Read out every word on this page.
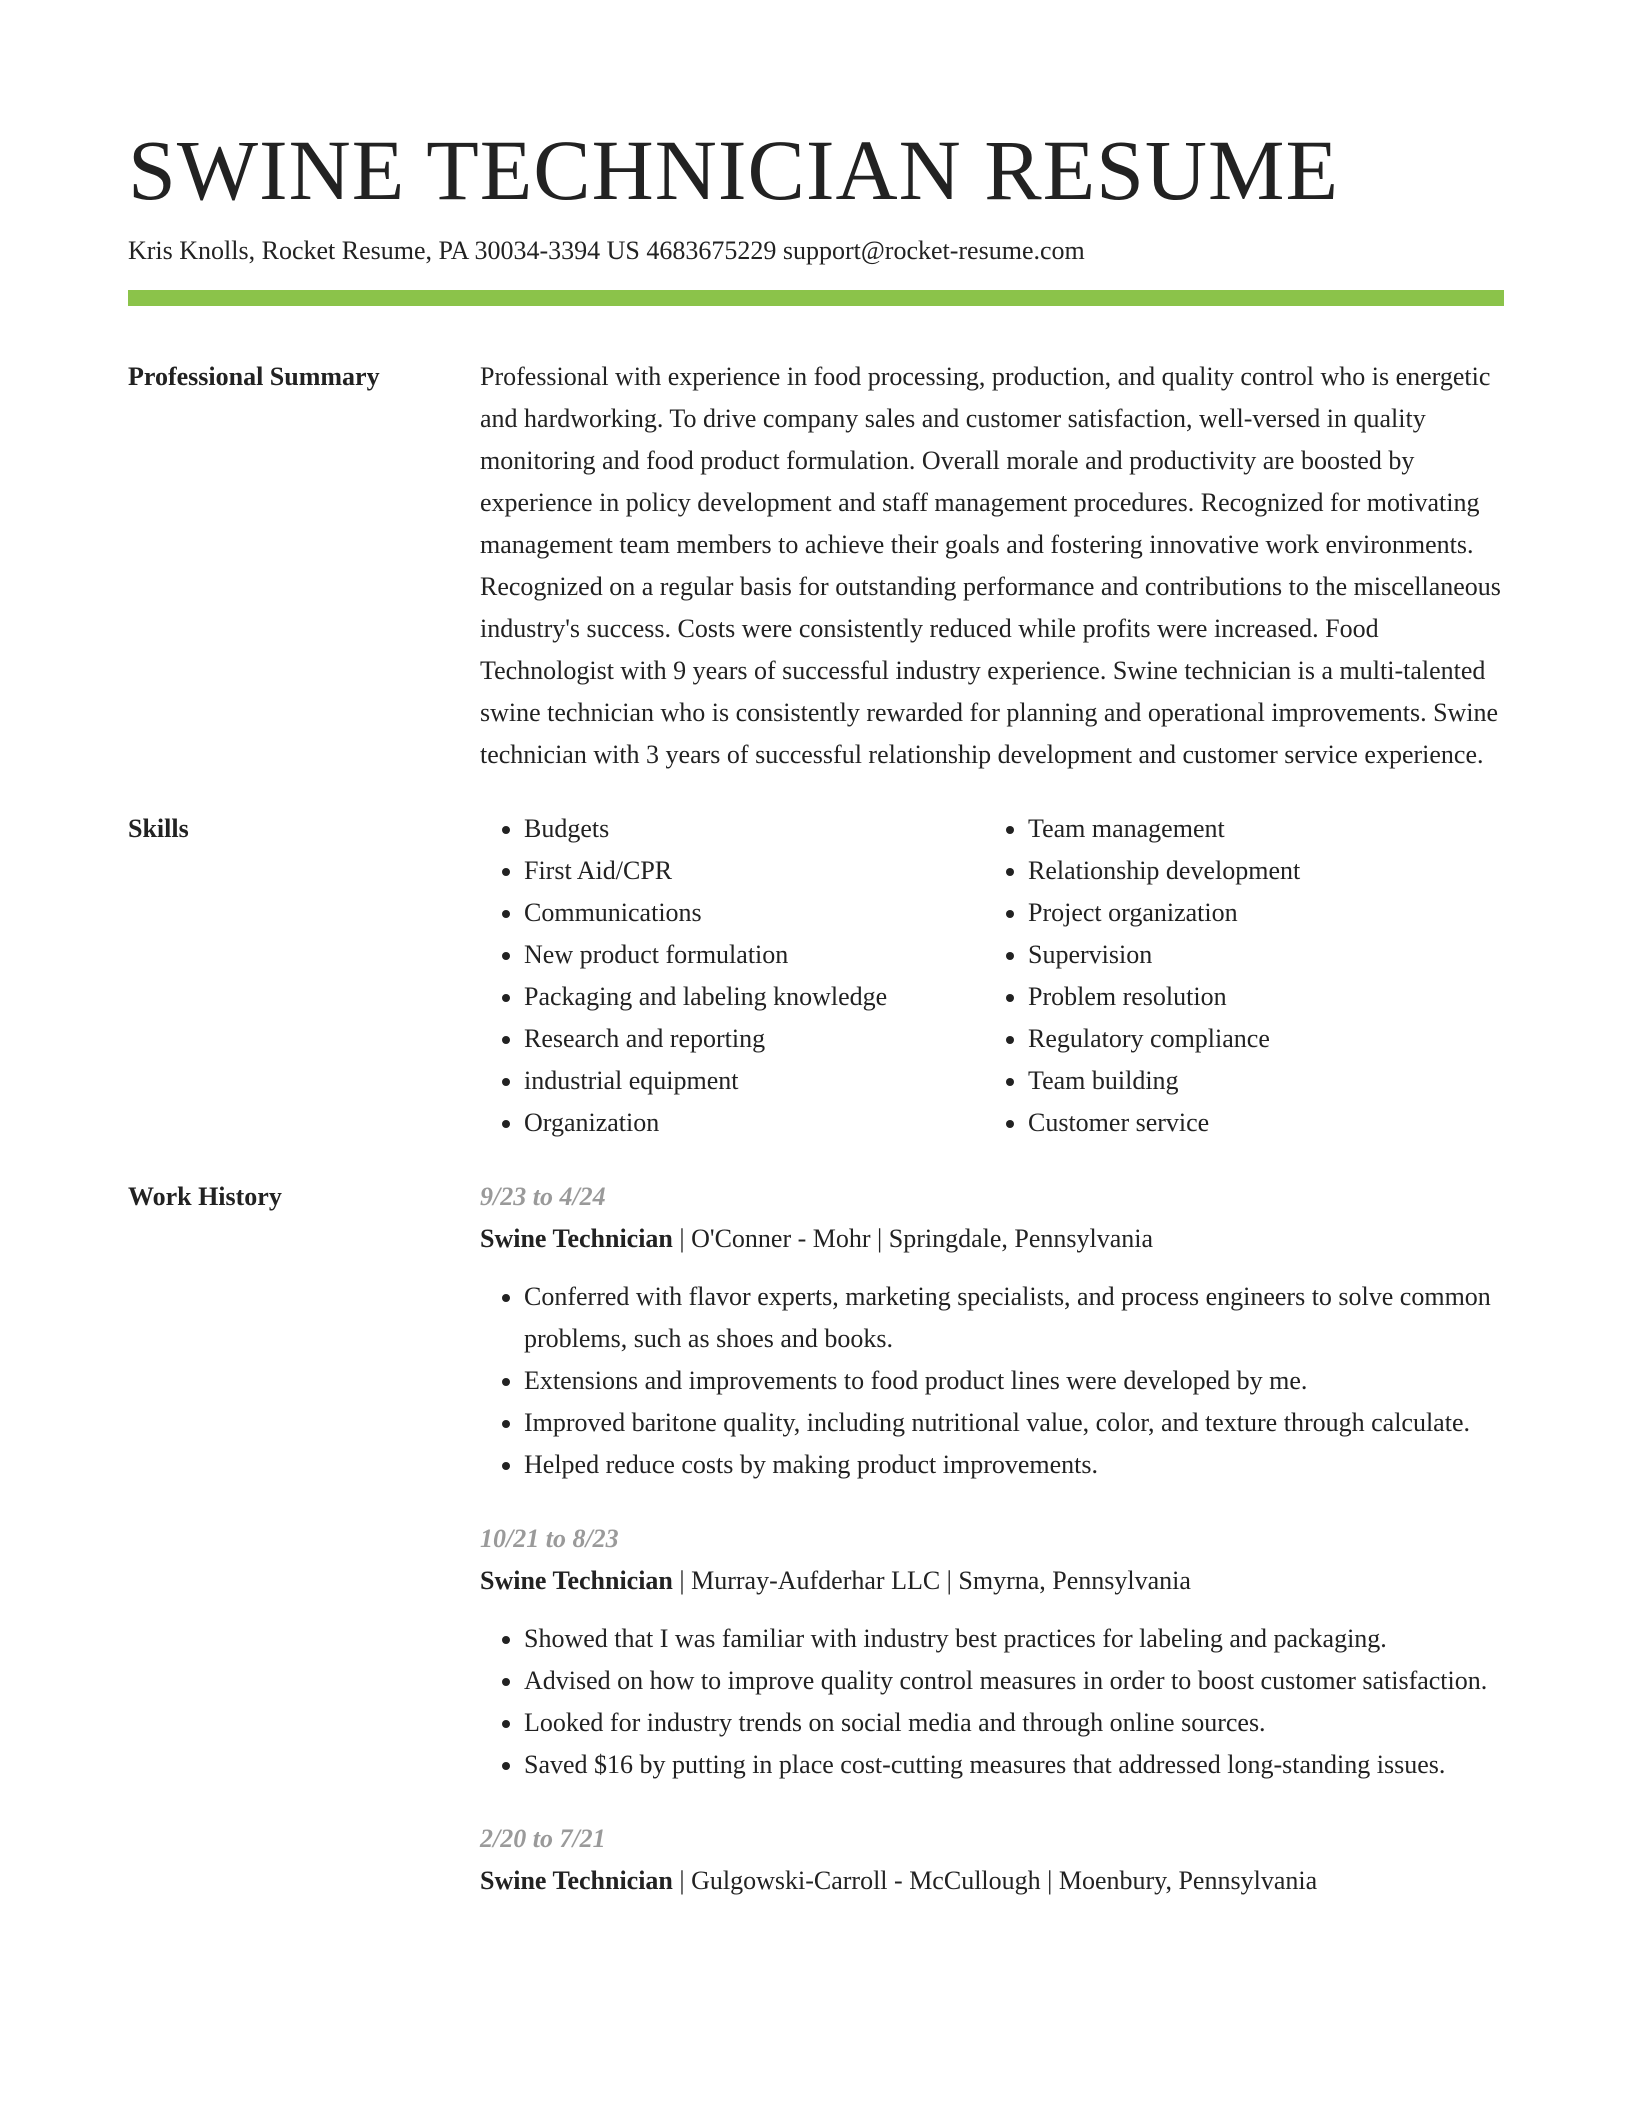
SWINE TECHNICIAN RESUME
Kris Knolls, Rocket Resume, PA 30034-3394 US 4683675229 support@rocket-resume.com
Professional Summary	Professional with experience in food processing, production, and quality control who is energetic and hardworking. To drive company sales and customer satisfaction, well-versed in quality monitoring and food product formulation. Overall morale and productivity are boosted by experience in policy development and staff management procedures. Recognized for motivating management team members to achieve their goals and fostering innovative work environments. Recognized on a regular basis for outstanding performance and contributions to the miscellaneous industry's success. Costs were consistently reduced while profits were increased. Food Technologist with 9 years of successful industry experience. Swine technician is a multi-talented swine technician who is consistently rewarded for planning and operational improvements. Swine technician with 3 years of successful relationship development and customer service experience.

Skills
•	Budgets
• First Aid/CPR
• Communications
• New product formulation
• Packaging and labeling knowledge
• Research and reporting
• industrial equipment
• Organization
• Team management
• Relationship development
• Project organization
• Supervision
• Problem resolution
• Regulatory compliance
• Team building
• Customer service
Work History	9/23 to 4/24
Swine Technician | O'Conner - Mohr | Springdale, Pennsylvania
• Conferred with flavor experts, marketing specialists, and process engineers to solve common problems, such as shoes and books.
• Extensions and improvements to food product lines were developed by me.
• Improved baritone quality, including nutritional value, color, and texture through calculate.
• Helped reduce costs by making product improvements.
10/21 to 8/23
Swine Technician | Murray-Aufderhar LLC | Smyrna, Pennsylvania
• Showed that I was familiar with industry best practices for labeling and packaging.
• Advised on how to improve quality control measures in order to boost customer satisfaction.
• Looked for industry trends on social media and through online sources.
• Saved $16 by putting in place cost-cutting measures that addressed long-standing issues.
2/20 to 7/21
Swine Technician | Gulgowski-Carroll - McCullough | Moenbury, Pennsylvania
